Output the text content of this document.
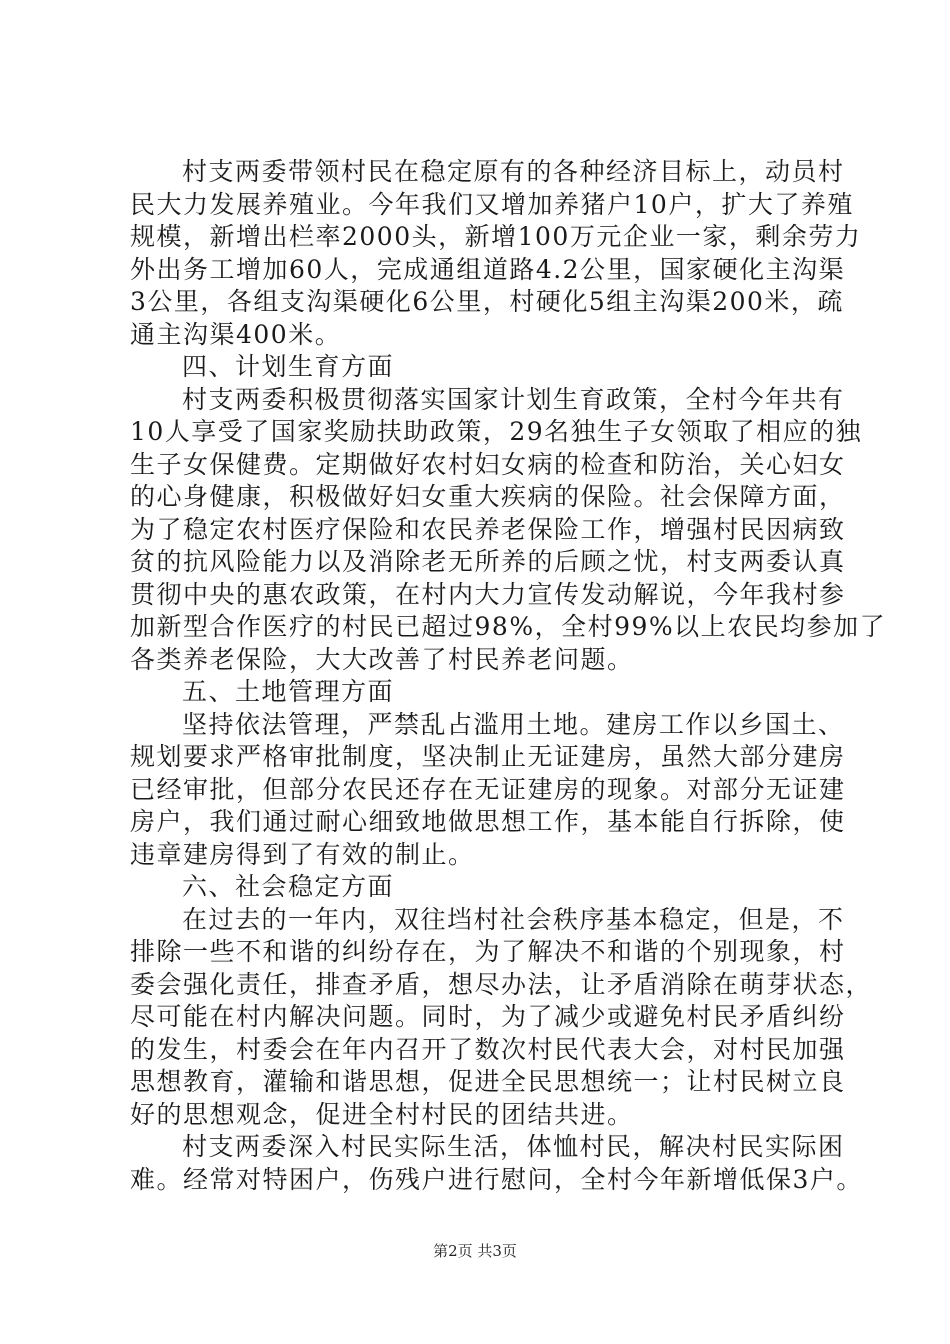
村支两委带领村民在稳定原有的各种经济目标上，动员村

民大力发展养殖业。今年我们又增加养猪户10户，扩大了养殖

规模，新增出栏率2000头，新增100万元企业一家，剩余劳力

外出务工增加60人，完成通组道路4.2公里，国家硬化主沟渠

3公里，各组支沟渠硬化6公里，村硬化5组主沟渠200米，疏

通主沟渠400米。

四、计划生育方面

村支两委积极贯彻落实国家计划生育政策，全村今年共有

10人享受了国家奖励扶助政策，29名独生子女领取了相应的独

生子女保健费。定期做好农村妇女病的检查和防治，关心妇女

的心身健康，积极做好妇女重大疾病的保险。社会保障方面，

为了稳定农村医疗保险和农民养老保险工作，增强村民因病致

贫的抗风险能力以及消除老无所养的后顾之忧，村支两委认真

贯彻中央的惠农政策，在村内大力宣传发动解说，今年我村参

加新型合作医疗的村民已超过98%，全村99%以上农民均参加了

各类养老保险，大大改善了村民养老问题。

五、土地管理方面

坚持依法管理，严禁乱占滥用土地。建房工作以乡国土、

规划要求严格审批制度，坚决制止无证建房，虽然大部分建房

已经审批，但部分农民还存在无证建房的现象。对部分无证建

房户，我们通过耐心细致地做思想工作，基本能自行拆除，使

违章建房得到了有效的制止。

六、社会稳定方面

在过去的一年内，双往垱村社会秩序基本稳定，但是，不

排除一些不和谐的纠纷存在，为了解决不和谐的个别现象，村

委会强化责任，排查矛盾，想尽办法，让矛盾消除在萌芽状态，

尽可能在村内解决问题。同时，为了减少或避免村民矛盾纠纷

的发生，村委会在年内召开了数次村民代表大会，对村民加强

思想教育，灌输和谐思想，促进全民思想统一；让村民树立良

好的思想观念，促进全村村民的团结共进。

村支两委深入村民实际生活，体恤村民，解决村民实际困

难。经常对特困户，伤残户进行慰问，全村今年新增低保3户。

第2页 共3页
